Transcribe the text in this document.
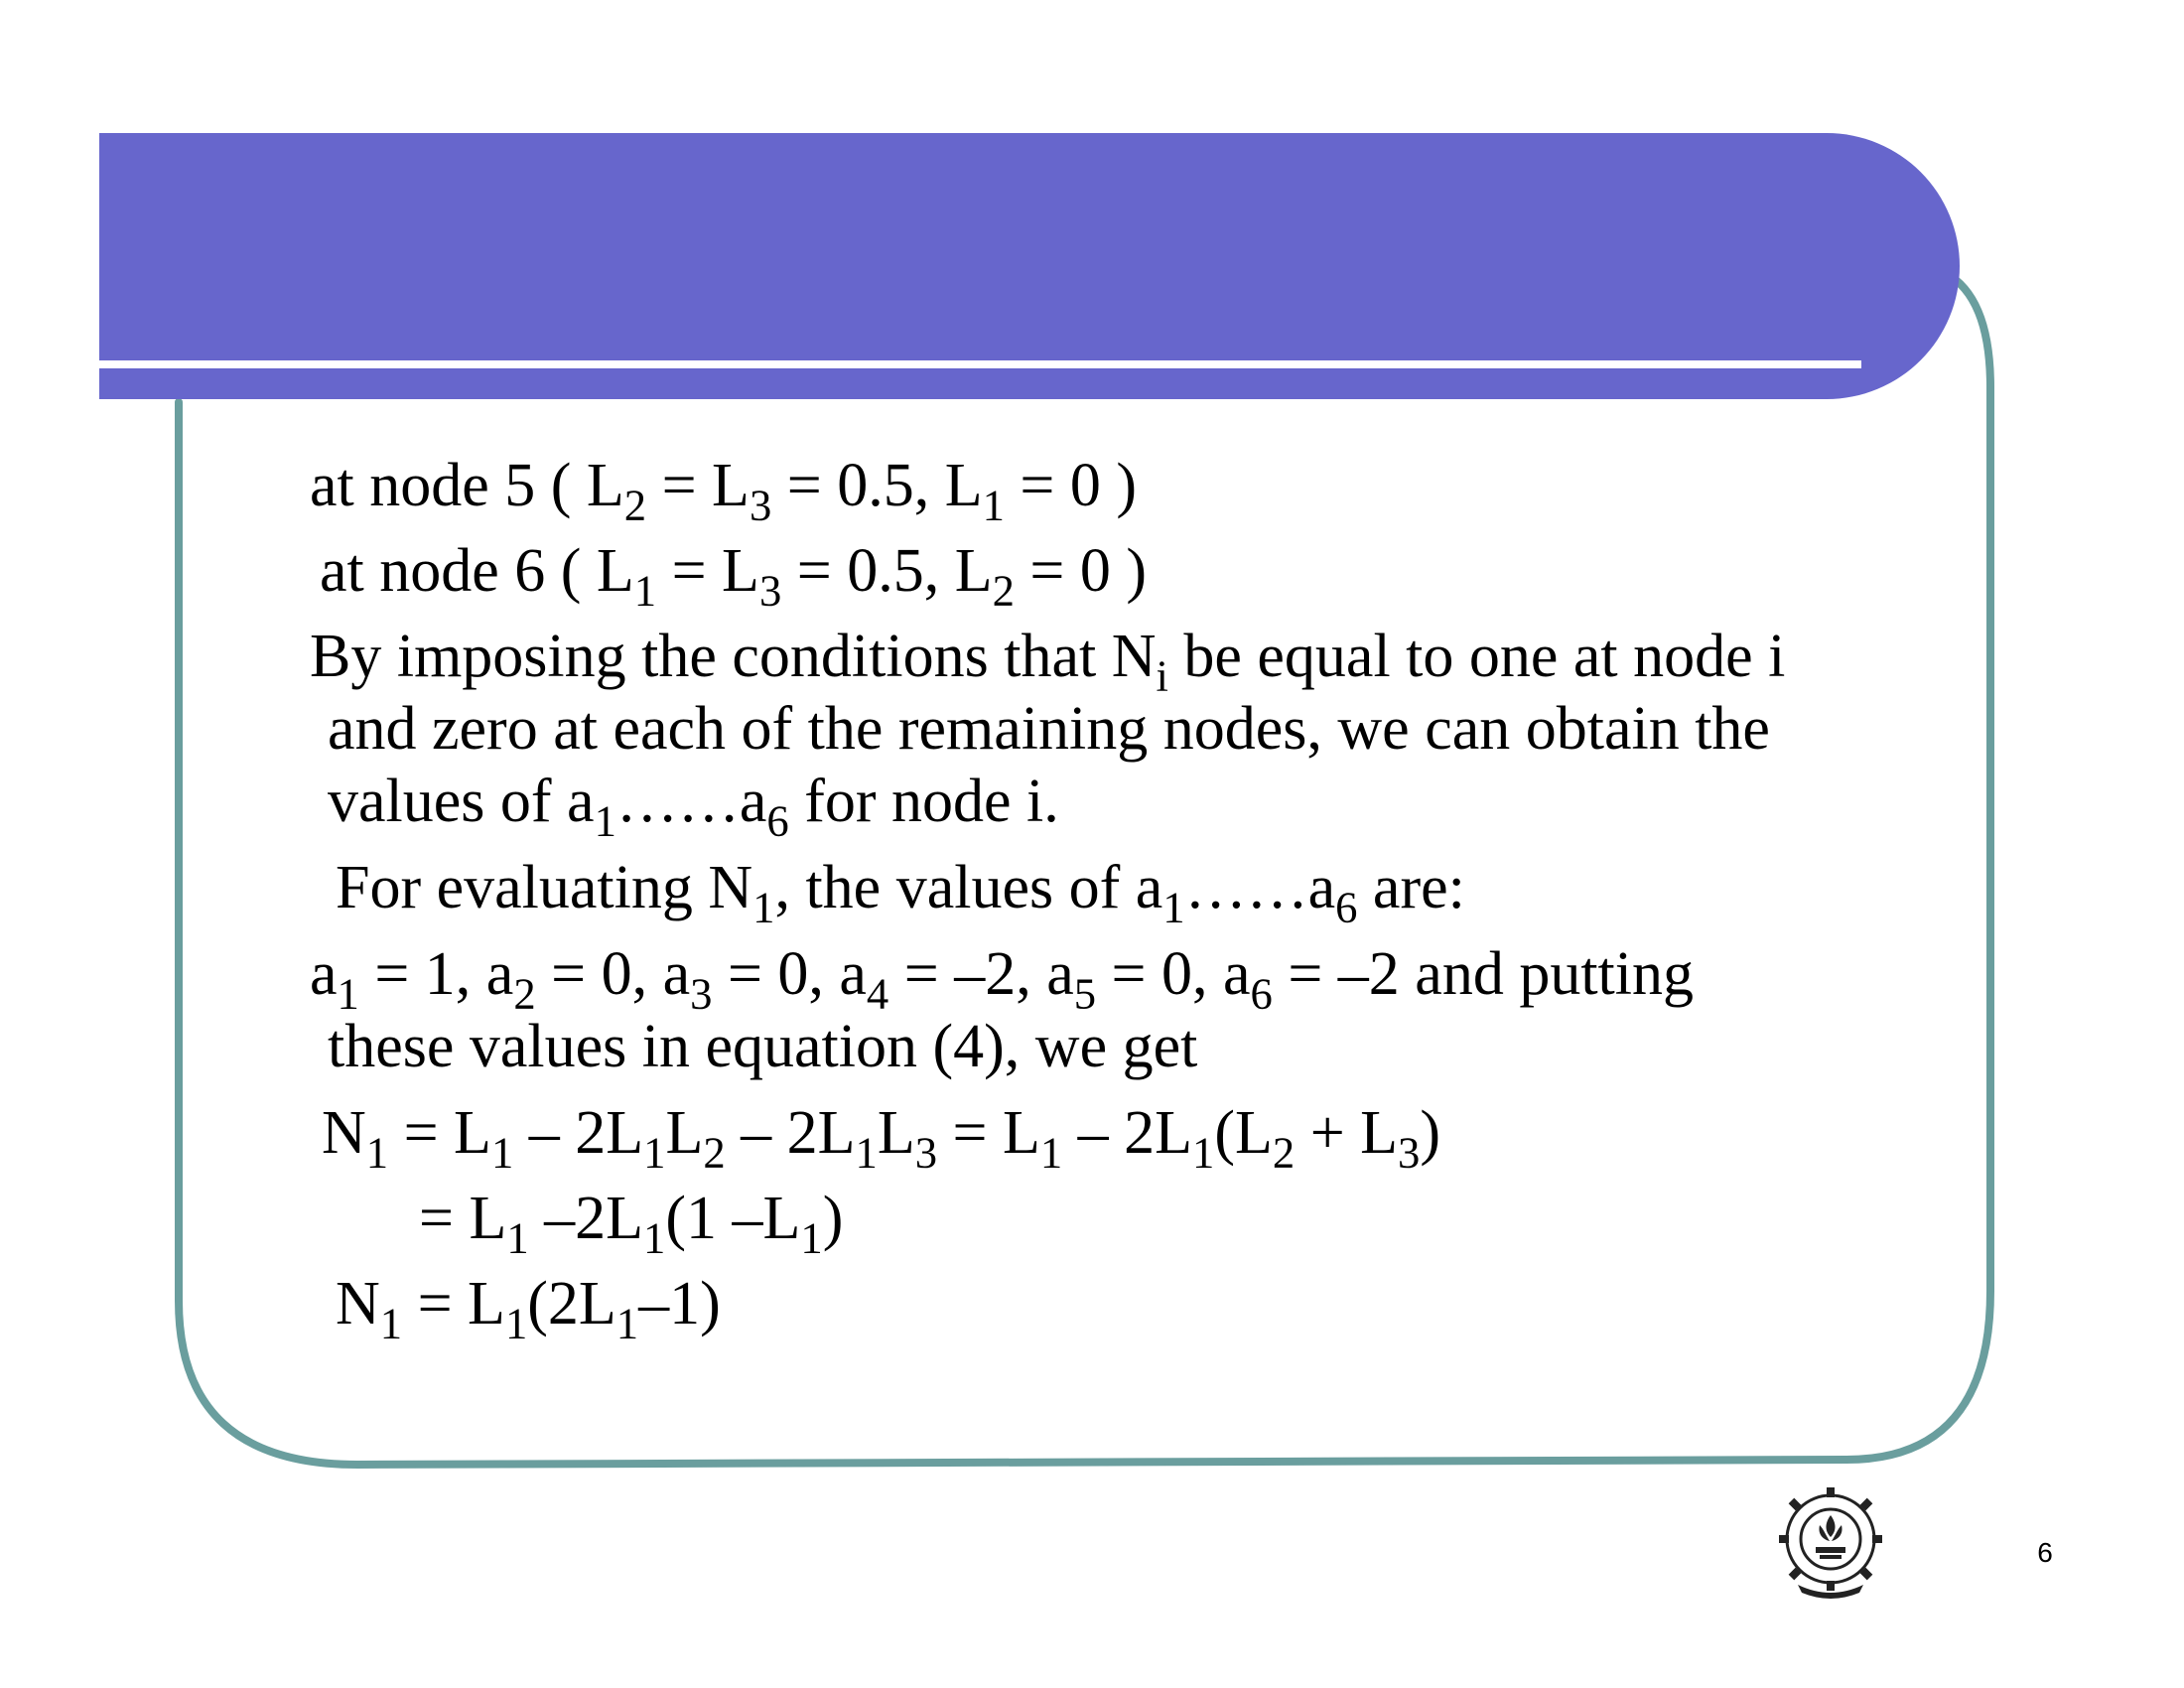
at node 5 ( $L_2 = L_3 = 0.5$, $L_1 = 0$ )
at node 6 ( $L_1 = L_3 = 0.5$, $L_2 = 0$ )
By imposing the conditions that $N_i$ be equal to one at node i
and zero at each of the remaining nodes, we can obtain the
values of $a_1\dots\dots a_6$ for node i.
For evaluating $N_1$, the values of $a_1\dots\dots a_6$ are:
$a_1 = 1$, $a_2 = 0$, $a_3 = 0$, $a_4 = -2$, $a_5 = 0$, $a_6 = -2$ and putting
these values in equation (4), we get
$N_1 = L_1 - 2L_1L_2 - 2L_1L_3 = L_1 - 2L_1(L_2 + L_3)$
= $L_1$ $-2L_1(1$ $-L_1$)
$N_1 = L_1(2L_1-1)$
6
